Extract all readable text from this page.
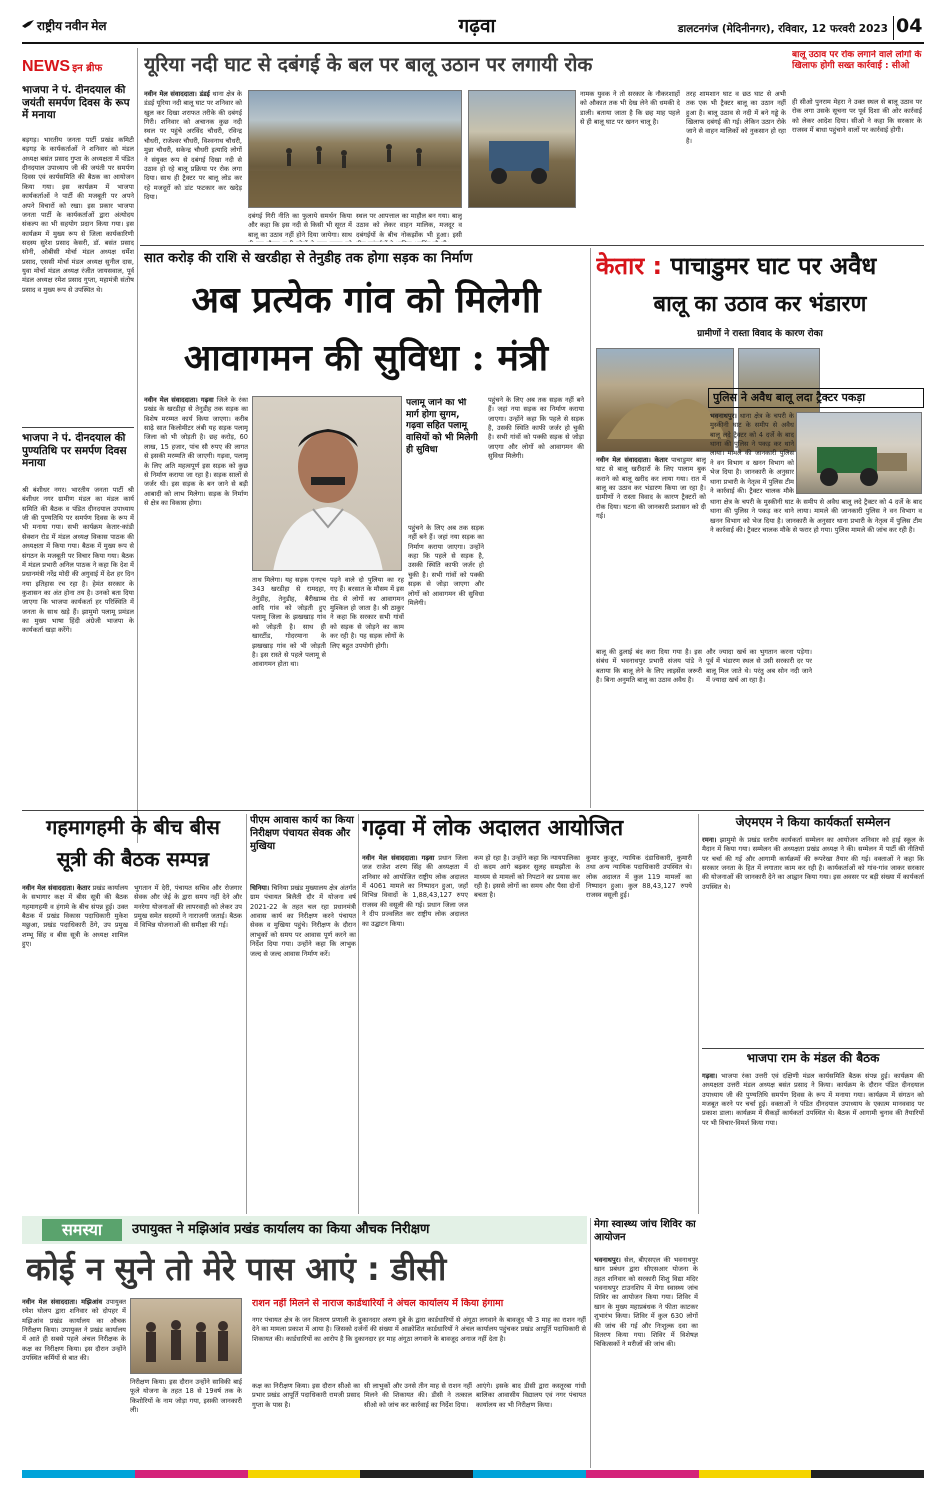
राष्ट्रीय नवीन मेल	गढ़वा	डालटनगंज (मेदिनीनगर), रविवार, 12 फरवरी 2023 04
NEWS इन ब्रीफ
भाजपा ने पं. दीनदयाल की जयंती समर्पण दिवस के रूप में मनाया
बड़गड़। भारतीय जनता पार्टी प्रखंड कमिटी बड़गड़ के कार्यकर्ताओं ने शनिवार को मंडल अध्यक्ष बसंत प्रसाद गुप्ता के अध्यक्षता में पंडित दीनदयाल उपाध्याय जी की जयंती पर समर्पण दिवस एवं कार्यसमिति की बैठक का आयोजन किया गया। इस कार्यक्रम में भाजपा कार्यकर्ताओं ने पार्टी की मजबूती पर अपने अपने विचारों को रखा। इस प्रकार भाजपा जनता पार्टी के कार्यकर्ताओं द्वारा अंत्योदय संकल्प का भी सहयोग प्रदान किया गया। इस कार्यक्रम में मुख्य रूप से जिला कार्यकारिणी सदस्य सुरेश प्रसाद केसरी, डॉ. बसंत प्रसाद सोनी, ओबीसी मोर्चा मंडल अध्यक्ष धर्मेश प्रसाद, एससी मोर्चा मंडल अध्यक्ष सुनील दास, युवा मोर्चा मंडल अध्यक्ष रंजीत जायसवाल, पूर्व मंडल अध्यक्ष रमेश प्रसाद गुप्ता, महामंत्री संतोष प्रसाद व मुख्य रूप से उपस्थित थे।
भाजपा ने पं. दीनदयाल की पुण्यतिथि पर समर्पण दिवस मनाया
श्री बंशीधर नगर। भारतीय जनता पार्टी श्री बंशीधर नगर ग्रामीण मंडल का मंडल कार्य समिति की बैठक व पंडित दीनदयाल उपाध्याय जी की पुण्यतिथि पर समर्पण दिवस के रूप में भी मनाया गया। सभी कार्यक्रम केतार-कांडी सेक्शन रोड में मंडल अध्यक्ष विकास पाठक की अध्यक्षता में किया गया। बैठक में मुख्य रूप से संगठन के मजबूती पर विचार किया गया। बैठक में मंडल प्रभारी अनिल पाठक ने कहा कि देश में प्रधानमंत्री नरेंद्र मोदी की अगुवाई में देश हर दिन नया इतिहास रच रहा है। हेमंत सरकार के कुशासन का अंत होना तय है। उनको बता दिया जाएगा कि भाजपा कार्यकर्ता हर परिस्थिति में जनता के साथ खड़े हैं। झामुमो पलामू प्रमंडल का मुख्य भाषा हिंदी अंग्रेजी भाजपा के कार्यकर्ता खड़ा करेंगे।
यूरिया नदी घाट से दबंगई के बल पर बालू उठान पर लगायी रोक
नवीन मेल संवाददाता। डंडई थाना क्षेत्र के डंडई यूरिया नदी बालू घाट पर शनिवार को खुल कर दिखा शराफत तरीके की दबंगई गिरी। शनिवार को अचानक कुछ नदी स्थल पर पहुंचे अरविंद चौधरी, रविन्द्र चौधरी, राजेश्वर चौधरी, विश्वनाथ चौधरी, मुन्ना चौधरी, सकेन्द्र चौधरी इत्यादि लोगों ने संयुक्त रूप से दबंगई दिखा नदी से उठाव हो रहे बालू प्रक्रिया पर रोक लगा दिया। साथ ही ट्रैक्टर पर बालू लोड कर रहे मजदूरों को डांट फटकार कर खदेड़ दिया।
दबंगई गिरी नीति का फुलाये समर्थन किया और कहा कि इस नदी से किसी भी सूरत में बालू का उठाव नहीं होने दिया जायेगा। साथ
स्थल पर आपत्ताल का माहौल बन गया। बालू उठाव को लेकर वाहन मालिक, मजदूर व दबंगईयों के बीच नोकझोंक भी हुआ। इसी
नामक युवक ने तो सरकार के नौकरशाहों को औकात तक भी देख लेने की धमकी दे डाली। बताया जाता है कि छह माह पहले से ही बालू घाट पर खनन चालू है।
तरह शामशान घाट व छठ घाट से अभी तक एक भी ट्रैक्टर बालू का उठान नहीं हुआ है। बालू उठाव से नदी में बने गड्ढे के खिलाफ दबंगई की गई। लेकिन उठान रोके जाने से वाहन मालिकों को नुकसान हो रहा है।
बालू उठाव पर रोक लगाने वाले लोगों के खिलाफ होगी सख्त कार्रवाई : सीओ
ही सीओ पुनराम मेहरा ने उक्त स्थल से बालू उठाव पर रोक लगा उसके सूचना पर पूर्व दिशा की ओर कार्रवाई को लेकर आदेश दिया। सीओ ने कहा कि सरकार के राजस्व में बाधा पहुंचाने वालों पर कार्रवाई होगी।
सात करोड़ की राशि से खरडीहा से तेनुडीह तक होगा सड़क का निर्माण
अब प्रत्येक गांव को मिलेगी
आवागमन की सुविधा : मंत्री
नवीन मेल संवाददाता। गढ़वा जिले के रंका प्रखंड के खरडीहा से तेनुडीह तक सड़क का विशेष मरम्मत कार्य किया जाएगा। करीब साढ़े सात किलोमीटर लंबी यह सड़क पलामू जिला को भी जोड़ती है। छह करोड़, 60 लाख, 15 हजार, पांच सौ रुपए की लागत से इसकी मरम्मति की जाएगी। गढ़वा, पलामू के लिए अति महत्वपूर्ण इस सड़क को कुछ से निर्माण कराया जा रहा है। सड़क सालों से जर्जर थी। इस सड़क के बन जाने से बड़ी आबादी को लाभ मिलेगा। सड़क के निर्माण से क्षेत्र का विकास होगा।
पलामू जाने का भी मार्ग होगा सुगम, गढ़वा सहित पलामू वासियों को भी मिलेगी ही सुविधा
ताथ मिलेगा। यह सड़क एनएच 343 खरडीहा से रामदहा, तेनुडीह, तेनुडीह, बैरीखाम्ब आदि गांव को जोड़ती हुए पलामू जिला के झखखाड़ गांव को जोड़ती है। साथ ही खारटींड, गोदरमाना के झखखाड़ गांव को भी जोड़ती है। इस रास्ते से पहले पलामू से आवागमन होता था।
पड़ने वाले दो पुलिया का रह गए हैं। बरसात के मौसम में इस रोड से लोगों का आवागमन मुश्किल हो जाता है। श्री ठाकुर ने कहा कि सरकार सभी गांवों को सड़क से जोड़ने का काम कर रही है। यह सड़क लोगों के लिए बहुत उपयोगी होगी।
पहुंचने के लिए अब तक सड़क नहीं बने हैं। जहां नया सड़क का निर्माण कराया जाएगा। उन्होंने कहा कि पहले से सड़क है, उसकी स्थिति काफी जर्जर हो चुकी है। सभी गांवों को पक्की सड़क से जोड़ा जाएगा और लोगों को आवागमन की सुविधा मिलेगी।
पहुंचने के लिए अब तक सड़क नहीं बने हैं। जहां नया सड़क का निर्माण कराया जाएगा। उन्होंने कहा कि पहले से सड़क है, उसकी स्थिति काफी जर्जर हो चुकी है। सभी गांवों को पक्की सड़क से जोड़ा जाएगा और लोगों को आवागमन की सुविधा मिलेगी।
केतार : पाचाडुमर घाट पर अवैध
बालू का उठाव कर भंडारण
ग्रामीणों ने रास्ता विवाद के कारण रोका
नवीन मेल संवाददाता। केतार पाचाडुमर बालू घाट से बालू खरीदारों के लिए पालाम बुक कराने को बालू खरीद कर लाया गया। रात में बालू का उठाव कर भंडारण किया जा रहा है। ग्रामीणों ने रास्ता विवाद के कारण ट्रैक्टरों को रोक दिया। घटना की जानकारी प्रशासन को दी गई।
बालू की ढुलाई बंद करा दिया गया है। इस संबंध में भवनाथपुर प्रभारी संजय पांडे ने बताया कि बालू लेने के लिए लाइसेंस जरूरी है। बिना अनुमति बालू का उठाव अवैध है।
और ज्यादा खर्च का भुगतान करना पड़ेगा। पूर्व में भंडारण स्थल से उसी सरकारी दर पर बालू मिल जाते थे। परंतु अब सोन नदी जाने में ज्यादा खर्च आ रहा है।
पुलिस ने अवैध बालू लदा ट्रैक्टर पकड़ा
भवनाथपुर। थाना क्षेत्र के चपरी के मुस्कीनी घाट के समीप से अवैध बालू लदे ट्रैक्टर को 4 दर्जे के बाद थाना की पुलिस ने पकड़ कर थाने लाया। मामले की जानकारी पुलिस ने वन विभाग व खनन विभाग को भेज दिया है। जानकारी के अनुसार थाना प्रभारी के नेतृत्व में पुलिस टीम ने कार्रवाई की। ट्रैक्टर चालक मौके
थाना क्षेत्र के चपरी के मुस्कीनी घाट के समीप से अवैध बालू लदे ट्रैक्टर को 4 दर्जे के बाद थाना की पुलिस ने पकड़ कर थाने लाया। मामले की जानकारी पुलिस ने वन विभाग व खनन विभाग को भेज दिया है। जानकारी के अनुसार थाना प्रभारी के नेतृत्व में पुलिस टीम ने कार्रवाई की। ट्रैक्टर चालक मौके से फरार हो गया। पुलिस मामले की जांच कर रही है।
गहमागहमी के बीच बीस
सूत्री की बैठक सम्पन्न
नवीन मेल संवाददाता। केतार प्रखंड कार्यालय के सभागार कक्ष में बीस सूत्री की बैठक गहमागहमी व हंगामे के बीच संपन्न हुई। उक्त बैठक में प्रखंड विकास पदाधिकारी मुकेश मछुआ, प्रखंड पदाधिकारी ठेंगे, उप प्रमुख शम्भू सिंह व बीस सूत्री के अध्यक्ष शामिल हुए।
भुगतान में देरी, पंचायत सचिव और रोजगार सेवक और जेई के द्वारा समय नहीं देने और मनरेगा योजनाओं की लापरवाही को लेकर उप प्रमुख समेत सदस्यों ने नाराजगी जताई। बैठक में विभिन्न योजनाओं की समीक्षा की गई।
पीएम आवास कार्य का किया निरीक्षण पंचायत सेवक और मुखिया
चिनिया। चिनिया प्रखंड मुख्यालय क्षेत्र अंतर्गत ग्राम पंचायत बिलैती दौर में योजना वर्ष 2021-22 के तहत चल रहा प्रधानमंत्री आवास कार्य का निरीक्षण करने पंचायत सेवक व मुखिया पहुंचे। निरीक्षण के दौरान लाभुकों को समय पर आवास पूर्ण करने का निर्देश दिया गया। उन्होंने कहा कि लाभुक जल्द से जल्द आवास निर्माण करें।
गढ़वा में लोक अदालत आयोजित
नवीन मेल संवाददाता। गढ़वा प्रधान जिला जज राजेश शरण सिंह की अध्यक्षता में शनिवार को आयोजित राष्ट्रीय लोक अदालत में 4061 मामले का निष्पादन हुआ, जहाँ विभिन्न विवादों के 1,88,43,127 रुपए राजस्व की वसूली की गई। प्रधान जिला जज ने दीप प्रज्वलित कर राष्ट्रीय लोक अदालत का उद्घाटन किया।
कम हो रहा है। उन्होंने कहा कि न्यायपालिका दो कदम आगे बढ़कर सुलह समझौता के माध्यम से मामलों को निपटाने का प्रयास कर रही है। इससे लोगों का समय और पैसा दोनों बचता है।
कुमार कुजूर, न्यायिक दंडाधिकारी, कुमारी तथा अन्य न्यायिक पदाधिकारी उपस्थित थे। लोक अदालत में कुल 119 मामलों का निष्पादन हुआ। कुल 88,43,127 रुपये राजस्व वसूली हुई।
जेएमएम ने किया कार्यकर्ता सम्मेलन
रमना। झामुमो के प्रखंड स्तरीय कार्यकर्ता सम्मेलन का आयोजन शनिवार को हाई स्कूल के मैदान में किया गया। सम्मेलन की अध्यक्षता प्रखंड अध्यक्ष ने की। सम्मेलन में पार्टी की नीतियों पर चर्चा की गई और आगामी कार्यक्रमों की रूपरेखा तैयार की गई। वक्ताओं ने कहा कि सरकार जनता के हित में लगातार काम कर रही है। कार्यकर्ताओं को गांव-गांव जाकर सरकार की योजनाओं की जानकारी देने का आह्वान किया गया। इस अवसर पर बड़ी संख्या में कार्यकर्ता उपस्थित थे।
भाजपा राम के मंडल की बैठक
गढ़वा। भाजपा रंका उत्तरी एवं दक्षिणी मंडल कार्यसमिति बैठक संपन्न हुई। कार्यक्रम की अध्यक्षता उत्तरी मंडल अध्यक्ष बसंत प्रसाद ने किया। कार्यक्रम के दौरान पंडित दीनदयाल उपाध्याय जी की पुण्यतिथि समर्पण दिवस के रूप में मनाया गया। कार्यक्रम में संगठन को मजबूत करने पर चर्चा हुई। वक्ताओं ने पंडित दीनदयाल उपाध्याय के एकात्म मानववाद पर प्रकाश डाला। कार्यक्रम में सैकड़ों कार्यकर्ता उपस्थित थे। बैठक में आगामी चुनाव की तैयारियों पर भी विचार-विमर्श किया गया।
समस्या	उपायुक्त ने मझिआंव प्रखंड कार्यालय का किया औचक निरीक्षण
कोई न सुने तो मेरे पास आएं : डीसी
नवीन मेल संवाददाता। मझिआंव उपायुक्त रमेश घोलप द्वारा शनिवार को दोपहर में मझिआंव प्रखंड कार्यालय का औचक निरीक्षण किया। उपायुक्त ने प्रखंड कार्यालय में आते ही सबसे पहले अंचल निरीक्षक के कक्ष का निरीक्षण किया। इस दौरान उन्होंने उपस्थित कर्मियों से बात की।
निरीक्षण किया। इस दौरान उन्होंने साविकी बाई फूले योजना के तहत 18 से 19वर्ष तक के किशोरियों के नाम जोड़ा गया, इसकी जानकारी ली।
राशन नहीं मिलने से नाराज कार्डधारियों ने अंचल कार्यालय में किया हंगामा
नगर पंचायत क्षेत्र के जन वितरण प्रणाली के दुकानदार अरुण दुबे के द्वारा कार्डधारियों से अंगूठा लगवाने के बावजूद भी 3 माह का राशन नहीं देने का मामला प्रकाश में आया है। जिसको दर्जनों की संख्या में आक्रोशित कार्डधारियों ने अंचल कार्यालय पहुंचकर प्रखंड आपूर्ति पदाधिकारी से शिकायत की। कार्डधारियों का आरोप है कि दुकानदार हर माह अंगूठा लगवाने के बावजूद अनाज नहीं देता है।
कक्ष का निरीक्षण किया। इस दौरान सीओ का प्रभार प्रखंड आपूर्ति पदाधिकारी रामजी प्रसाद गुप्ता के पास है।
सी लाभुकों और उनसे तीन माह से राशन नहीं मिलने की शिकायत की। डीसी ने तत्काल सीओ को जांच कर कार्रवाई का निर्देश दिया।
आएंगे। इसके बाद डीसी द्वारा कस्तूरबा गांधी बालिका आवासीय विद्यालय एवं नगर पंचायत कार्यालय का भी निरीक्षण किया।
मेगा स्वास्थ्य जांच शिविर का आयोजन
भवनाथपुर। सेल, बीएसएल की भवनाथपुर खान प्रबंधन द्वारा सीएसआर योजना के तहत शनिवार को सरकारी शिशु विद्या मंदिर भवनाथपुर टाउनशिप में मेगा स्वास्थ्य जांच शिविर का आयोजन किया गया। शिविर में खान के मुख्य महाप्रबंधक ने फीता काटकर शुभारंभ किया। शिविर में कुल 630 लोगों की जांच की गई और निःशुल्क दवा का वितरण किया गया। शिविर में विशेषज्ञ चिकित्सकों ने मरीजों की जांच की।
